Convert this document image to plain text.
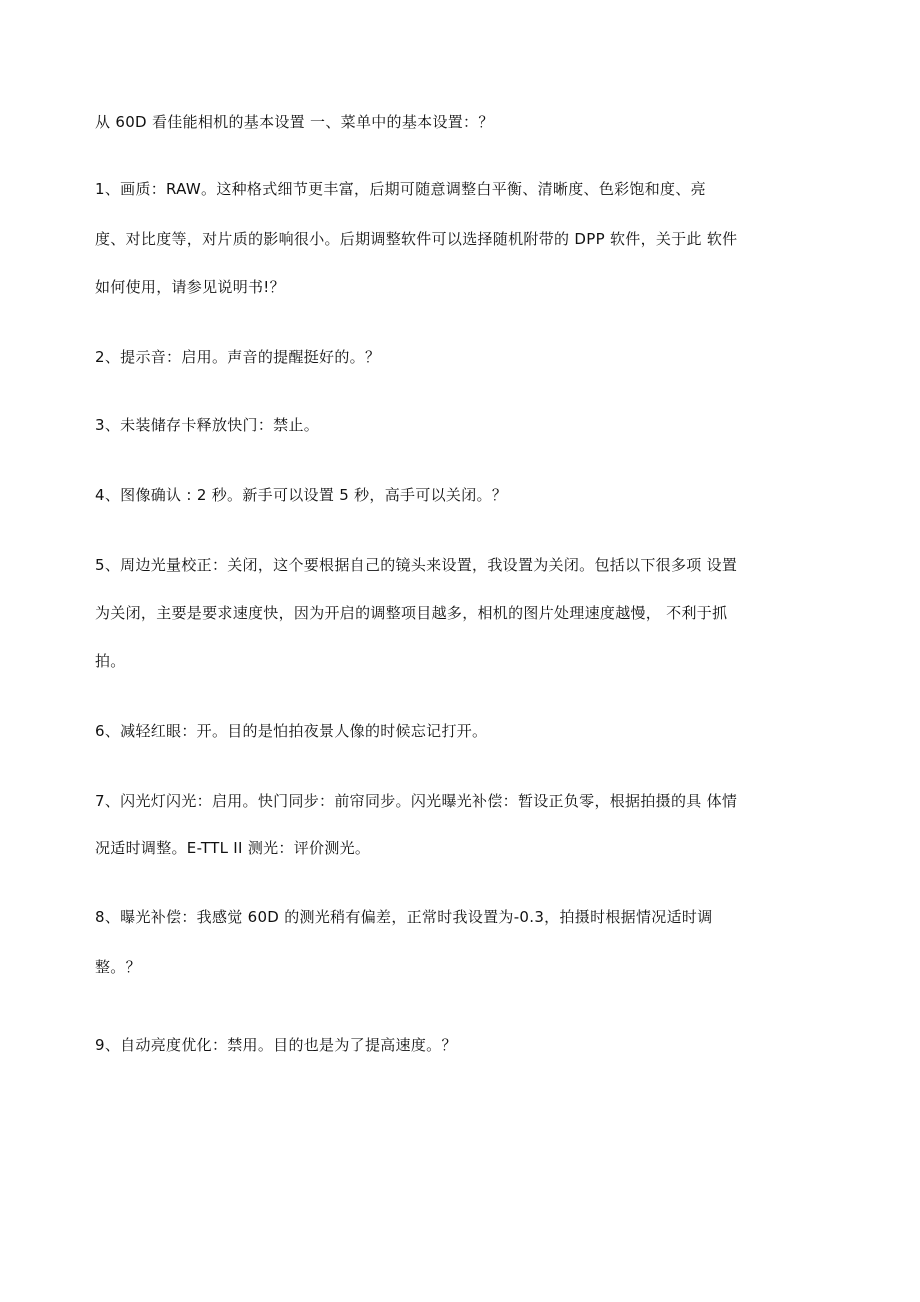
从 60D 看佳能相机的基本设置 一、菜单中的基本设置：？

1、画质：RAW。这种格式细节更丰富，后期可随意调整白平衡、清晰度、色彩饱和度、亮

度、对比度等，对片质的影响很小。后期调整软件可以选择随机附带的 DPP 软件，关于此 软件

如何使用，请参见说明书!？

2、提示音：启用。声音的提醒挺好的。？

3、未装储存卡释放快门：禁止。

4、图像确认 : 2 秒。新手可以设置 5 秒，高手可以关闭。？

5、周边光量校正：关闭，这个要根据自己的镜头来设置，我设置为关闭。包括以下很多项 设置

为关闭，主要是要求速度快，因为开启的调整项目越多，相机的图片处理速度越慢， 不利于抓

拍。

6、减轻红眼：开。目的是怕拍夜景人像的时候忘记打开。

7、闪光灯闪光：启用。快门同步：前帘同步。闪光曝光补偿：暂设正负零，根据拍摄的具 体情

况适时调整。E-TTL II 测光：评价测光。

8、曝光补偿：我感觉 60D 的测光稍有偏差，正常时我设置为-0.3，拍摄时根据情况适时调

整。？

9、自动亮度优化：禁用。目的也是为了提高速度。？
